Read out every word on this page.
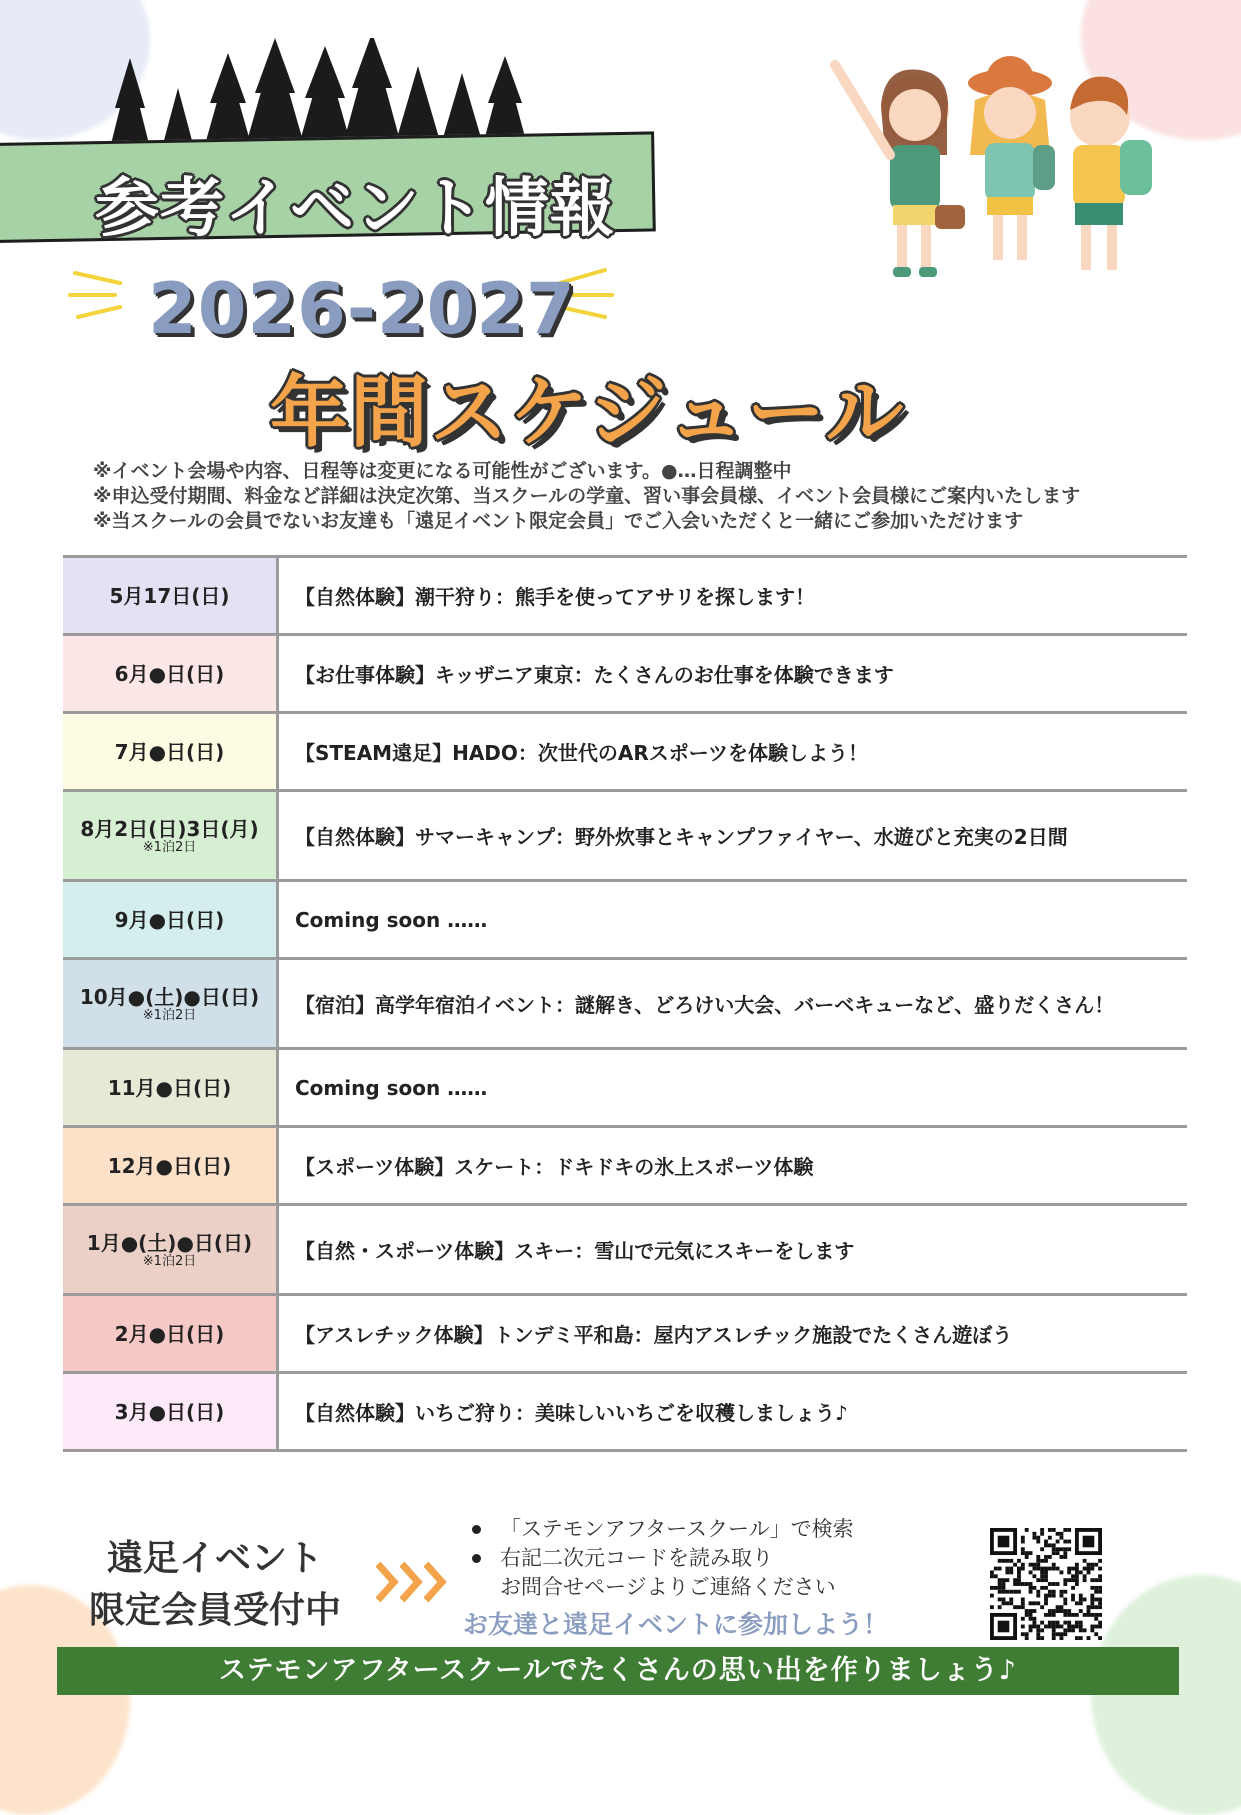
参考イベント情報
2026-2027
年間スケジュール
※イベント会場や内容、日程等は変更になる可能性がございます。●…日程調整中
※申込受付期間、料金など詳細は決定次第、当スクールの学童、習い事会員様、イベント会員様にご案内いたします
※当スクールの会員でないお友達も「遠足イベント限定会員」でご入会いただくと一緒にご参加いただけます
5月17日(日)	【自然体験】潮干狩り：熊手を使ってアサリを探します！
6月●日(日)	【お仕事体験】キッザニア東京：たくさんのお仕事を体験できます
7月●日(日)	【STEAM遠足】HADO：次世代のARスポーツを体験しよう！
8月2日(日)3日(月)
※1泊2日	【自然体験】サマーキャンプ：野外炊事とキャンプファイヤー、水遊びと充実の2日間
9月●日(日)	Coming soon ……
10月●(土)●日(日)
※1泊2日	【宿泊】高学年宿泊イベント：謎解き、どろけい大会、バーベキューなど、盛りだくさん！
11月●日(日)	Coming soon ……
12月●日(日)	【スポーツ体験】スケート：ドキドキの氷上スポーツ体験
1月●(土)●日(日)
※1泊2日	【自然・スポーツ体験】スキー：雪山で元気にスキーをします
2月●日(日)	【アスレチック体験】トンデミ平和島：屋内アスレチック施設でたくさん遊ぼう
3月●日(日)	【自然体験】いちご狩り：美味しいいちごを収穫しましょう♪
遠足イベント
限定会員受付中
「ステモンアフタースクール」で検索
右記二次元コードを読み取り
お問合せページよりご連絡ください
お友達と遠足イベントに参加しよう！
ステモンアフタースクールでたくさんの思い出を作りましょう♪
